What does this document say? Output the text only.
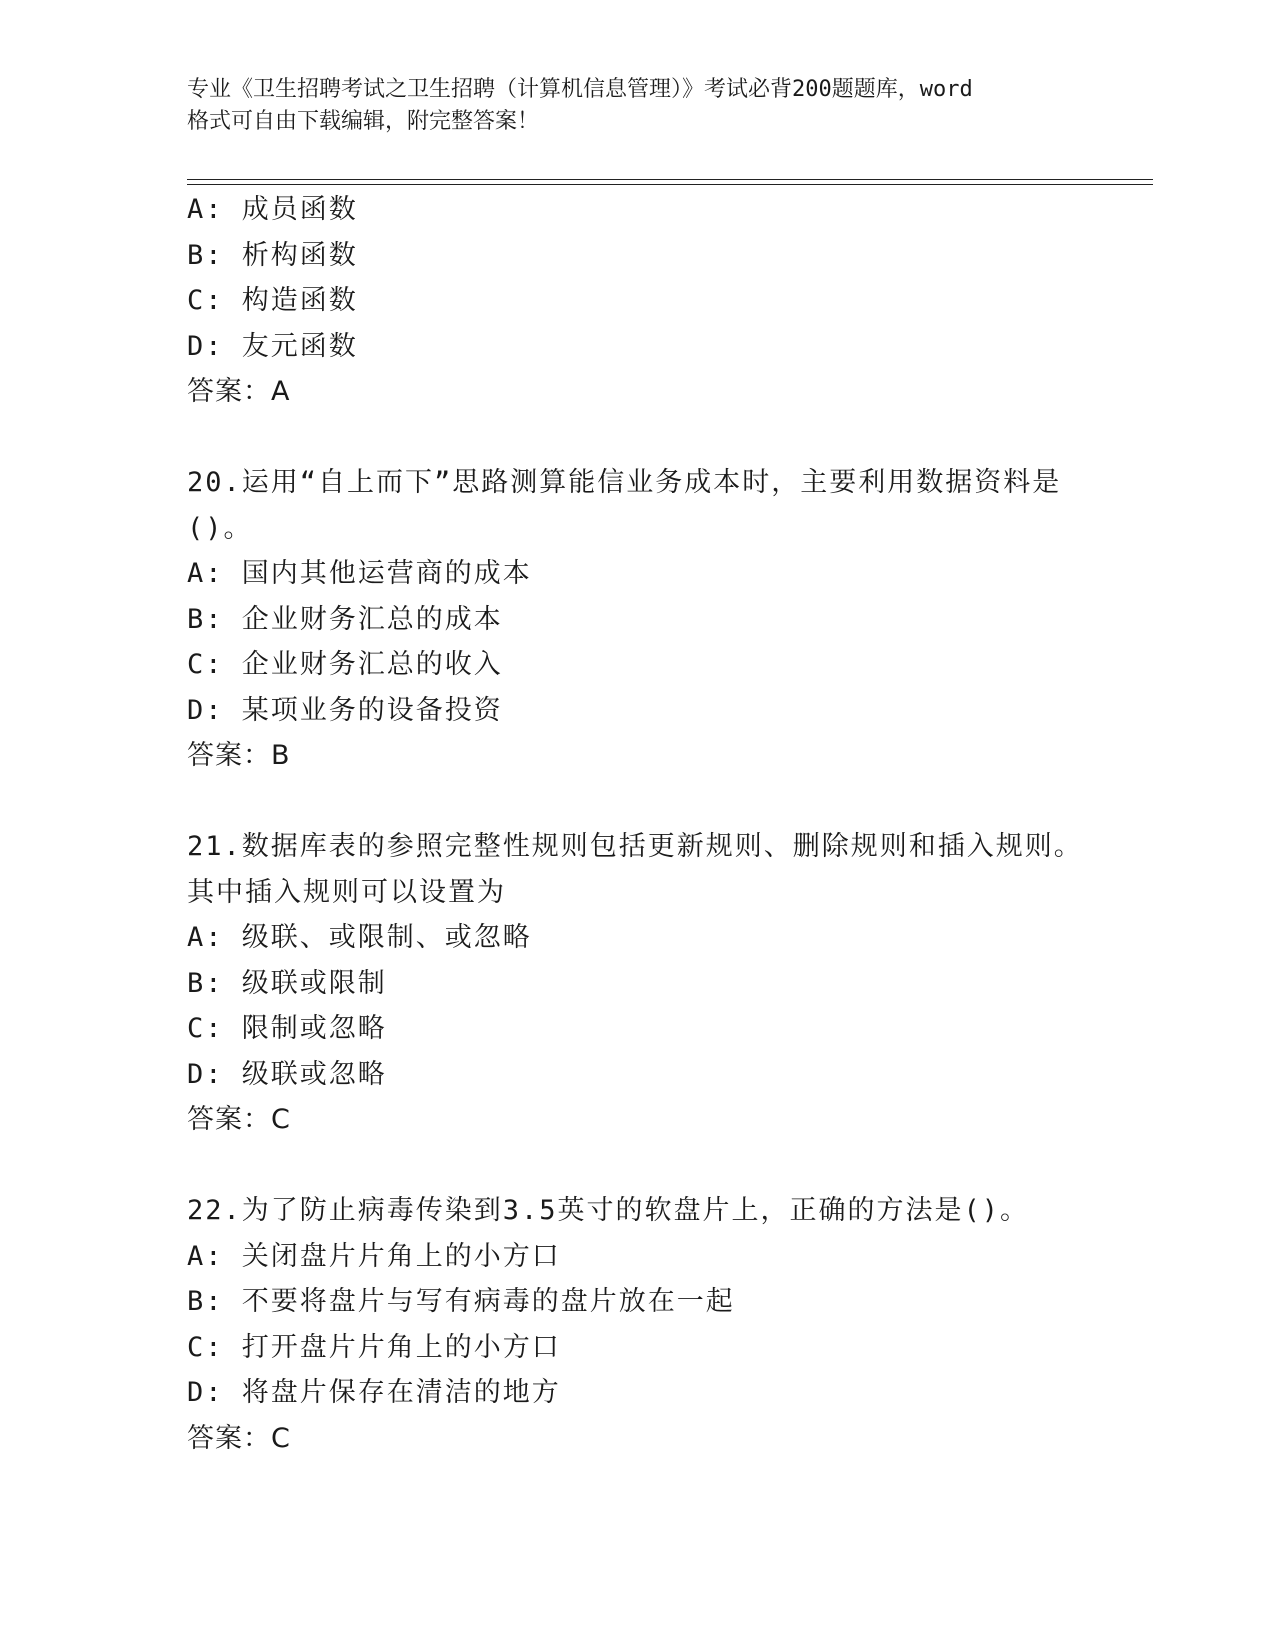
专业《卫生招聘考试之卫生招聘（计算机信息管理）》考试必背200题题库，word
格式可自由下载编辑，附完整答案！
A: 成员函数
B: 析构函数
C: 构造函数
D: 友元函数
答案：A
20.运用“自上而下”思路测算能信业务成本时，主要利用数据资料是
()。
A: 国内其他运营商的成本
B: 企业财务汇总的成本
C: 企业财务汇总的收入
D: 某项业务的设备投资
答案：B
21.数据库表的参照完整性规则包括更新规则、删除规则和插入规则。
其中插入规则可以设置为
A: 级联、或限制、或忽略
B: 级联或限制
C: 限制或忽略
D: 级联或忽略
答案：C
22.为了防止病毒传染到3.5英寸的软盘片上，正确的方法是()。
A: 关闭盘片片角上的小方口
B: 不要将盘片与写有病毒的盘片放在一起
C: 打开盘片片角上的小方口
D: 将盘片保存在清洁的地方
答案：C
